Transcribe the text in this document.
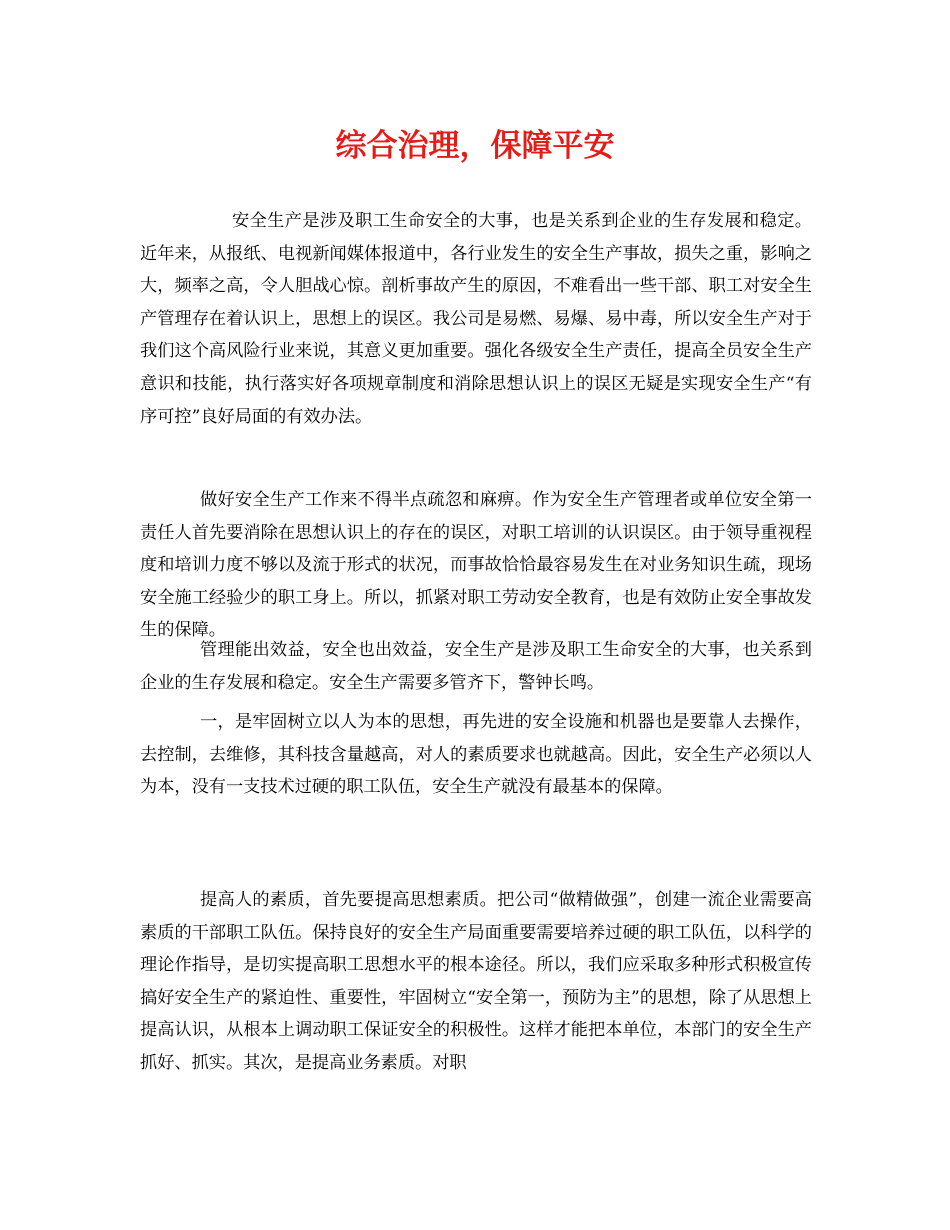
综合治理，保障平安

安全生产是涉及职工生命安全的大事，也是关系到企业的生存发展和稳定。近年来，从报纸、电视新闻媒体报道中，各行业发生的安全生产事故，损失之重，影响之大，频率之高，令人胆战心惊。剖析事故产生的原因，不难看出一些干部、职工对安全生产管理存在着认识上，思想上的误区。我公司是易燃、易爆、易中毒，所以安全生产对于我们这个高风险行业来说，其意义更加重要。强化各级安全生产责任，提高全员安全生产意识和技能，执行落实好各项规章制度和消除思想认识上的误区无疑是实现安全生产“有序可控”良好局面的有效办法。

做好安全生产工作来不得半点疏忽和麻痹。作为安全生产管理者或单位安全第一责任人首先要消除在思想认识上的存在的误区，对职工培训的认识误区。由于领导重视程度和培训力度不够以及流于形式的状况，而事故恰恰最容易发生在对业务知识生疏，现场安全施工经验少的职工身上。所以，抓紧对职工劳动安全教育，也是有效防止安全事故发生的保障。

管理能出效益，安全也出效益，安全生产是涉及职工生命安全的大事，也关系到企业的生存发展和稳定。安全生产需要多管齐下，警钟长鸣。

一，是牢固树立以人为本的思想，再先进的安全设施和机器也是要靠人去操作，去控制，去维修，其科技含量越高，对人的素质要求也就越高。因此，安全生产必须以人为本，没有一支技术过硬的职工队伍，安全生产就没有最基本的保障。

提高人的素质，首先要提高思想素质。把公司“做精做强”，创建一流企业需要高素质的干部职工队伍。保持良好的安全生产局面重要需要培养过硬的职工队伍，以科学的理论作指导，是切实提高职工思想水平的根本途径。所以，我们应采取多种形式积极宣传搞好安全生产的紧迫性、重要性，牢固树立“安全第一，预防为主”的思想，除了从思想上提高认识，从根本上调动职工保证安全的积极性。这样才能把本单位，本部门的安全生产抓好、抓实。其次，是提高业务素质。对职
